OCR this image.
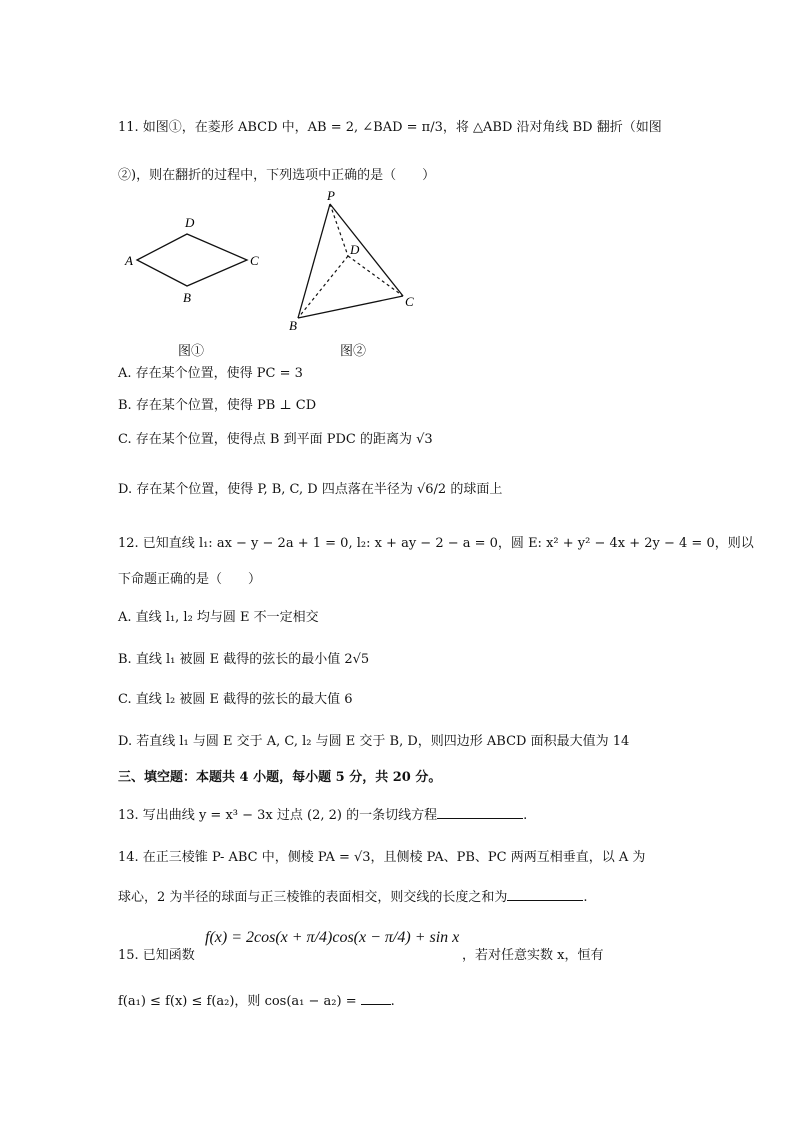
11. 如图①，在菱形 ABCD 中，AB = 2, ∠BAD = π/3，将 △ABD 沿对角线 BD 翻折（如图
②)，则在翻折的过程中，下列选项中正确的是（　　）
A
D
C
B
图①
P
D
C
B
图②
A. 存在某个位置，使得 PC = 3
B. 存在某个位置，使得 PB ⊥ CD
C. 存在某个位置，使得点 B 到平面 PDC 的距离为 √3
D. 存在某个位置，使得 P, B, C, D 四点落在半径为 √6/2 的球面上
12. 已知直线 l₁: ax − y − 2a + 1 = 0, l₂: x + ay − 2 − a = 0，圆 E: x² + y² − 4x + 2y − 4 = 0，则以
下命题正确的是（　　）
A. 直线 l₁, l₂ 均与圆 E 不一定相交
B. 直线 l₁ 被圆 E 截得的弦长的最小值 2√5
C. 直线 l₂ 被圆 E 截得的弦长的最大值 6
D. 若直线 l₁ 与圆 E 交于 A, C, l₂ 与圆 E 交于 B, D，则四边形 ABCD 面积最大值为 14
三、填空题：本题共 4 小题，每小题 5 分，共 20 分。
13. 写出曲线 y = x³ − 3x 过点 (2, 2) 的一条切线方程	.
14. 在正三棱锥 P- ABC 中，侧棱 PA = √3，且侧棱 PA、PB、PC 两两互相垂直，以 A 为
球心，2 为半径的球面与正三棱锥的表面相交，则交线的长度之和为	.
f(x) = 2cos(x + π/4)cos(x − π/4) + sin x
15. 已知函数	，若对任意实数 x，恒有
f(a₁) ≤ f(x) ≤ f(a₂)，则 cos(a₁ − a₂) =	.
